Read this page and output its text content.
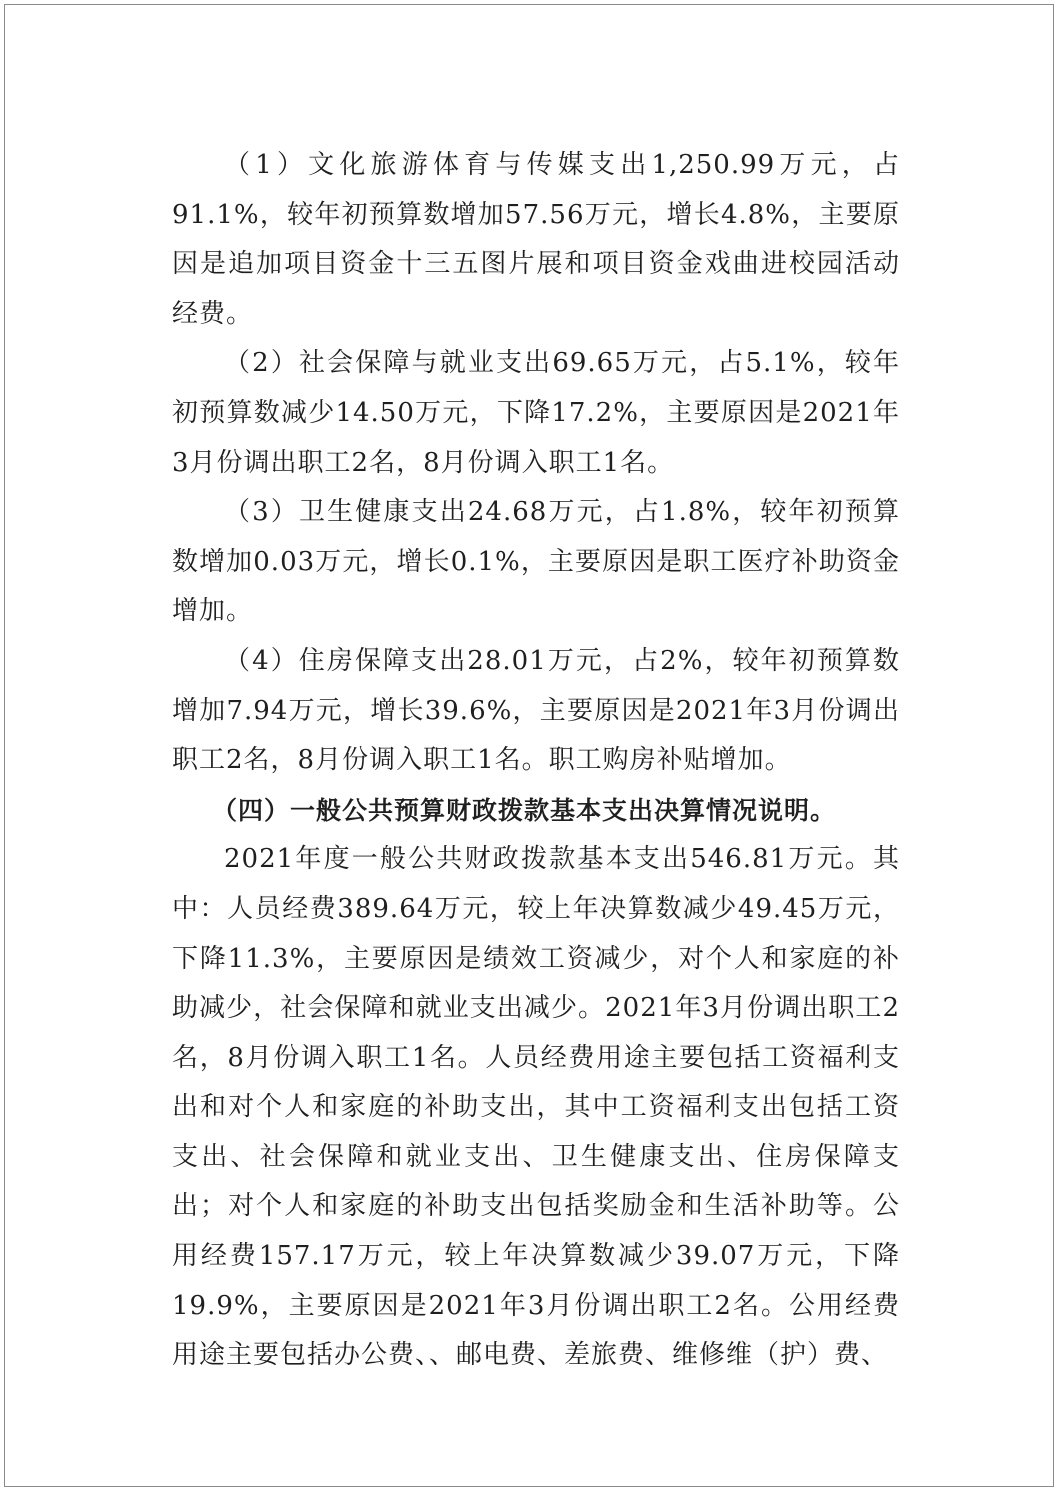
（1）文化旅游体育与传媒支出1,250.99万元，占91.1%，较年初预算数增加57.56万元，增长4.8%，主要原因是追加项目资金十三五图片展和项目资金戏曲进校园活动经费。

（2）社会保障与就业支出69.65万元，占5.1%，较年初预算数减少14.50万元，下降17.2%，主要原因是2021年3月份调出职工2名，8月份调入职工1名。

（3）卫生健康支出24.68万元，占1.8%，较年初预算数增加0.03万元，增长0.1%，主要原因是职工医疗补助资金增加。

（4）住房保障支出28.01万元，占2%，较年初预算数增加7.94万元，增长39.6%，主要原因是2021年3月份调出职工2名，8月份调入职工1名。职工购房补贴增加。

（四）一般公共预算财政拨款基本支出决算情况说明。

2021年度一般公共财政拨款基本支出546.81万元。其中：人员经费389.64万元，较上年决算数减少49.45万元，下降11.3%，主要原因是绩效工资减少，对个人和家庭的补助减少，社会保障和就业支出减少。2021年3月份调出职工2名，8月份调入职工1名。人员经费用途主要包括工资福利支出和对个人和家庭的补助支出，其中工资福利支出包括工资支出、社会保障和就业支出、卫生健康支出、住房保障支出；对个人和家庭的补助支出包括奖励金和生活补助等。公用经费157.17万元，较上年决算数减少39.07万元，下降19.9%，主要原因是2021年3月份调出职工2名。公用经费用途主要包括办公费、、邮电费、差旅费、维修维（护）费、
